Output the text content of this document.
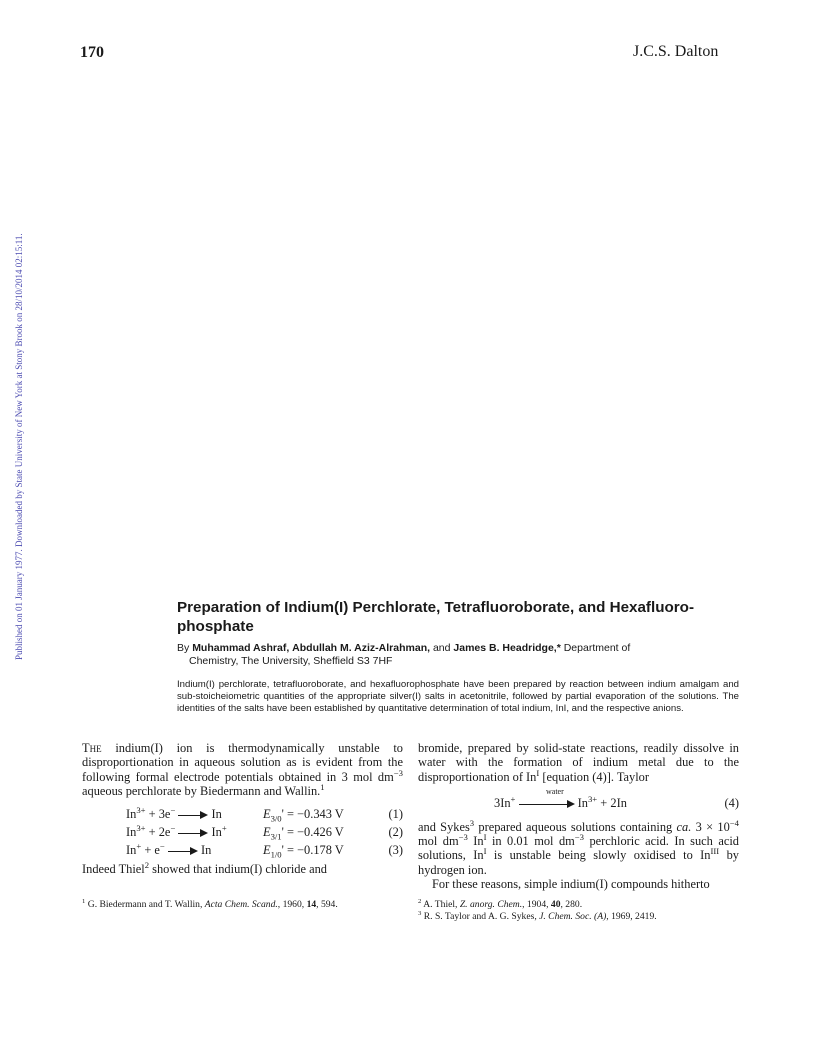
170	J.C.S. Dalton
Published on 01 January 1977. Downloaded by State University of New York at Stony Brook on 28/10/2014 02:15:11.	Preparation of Indium(I) Perchlorate, Tetrafluoroborate, and Hexafluoro-phosphate
By Muhammad Ashraf, Abdullah M. Aziz-Alrahman, and James B. Headridge,* Department of
Chemistry, The University, Sheffield S3 7HF
Indium(I) perchlorate, tetrafluoroborate, and hexafluorophosphate have been prepared by reaction between indium amalgam and sub-stoicheiometric quantities of the appropriate silver(I) salts in acetonitrile, followed by partial evaporation of the solutions. The identities of the salts have been established by quantitative determination of total indium, InI, and the respective anions.

The indium(I) ion is thermodynamically unstable to disproportionation in aqueous solution as is evident from the following formal electrode potentials obtained in 3 mol $dm^{-3}$ aqueous perchlorate by Biedermann and Wallin.$^1$

$In^{3+} + 3e^-$	In	$E_{3/0}' = -0.343$ V	(1)
$In^{3+} + 2e^-$	In+	$E_{3/1}' = -0.426$ V	(2)
In+ + e−	In	$E_{1/0}' = -0.178$ V	(3)

Indeed Thiel$^2$ showed that indium(I) chloride and

bromide, prepared by solid-state reactions, readily dissolve in water with the formation of indium metal due to the disproportionation of $In^I$ [equation (4)]. Taylor

3In+	$In^{3+} + 2In$
water
(4)

and Sykes$^3$ prepared aqueous solutions containing ca. $3 \times 10^{-4}$ mol $dm^{-3}$ $In^I$ in 0.01 mol $dm^{-3}$ perchloric acid. In such acid solutions, $In^I$ is unstable being slowly oxidised to $In^{III}$ by hydrogen ion.

For these reasons, simple indium(I) compounds hitherto

$^1$ G. Biedermann and T. Wallin, Acta Chem. Scand., 1960, 14, 594.	$^2$ A. Thiel, Z. anorg. Chem., 1904, 40, 280.
$^3$ R. S. Taylor and A. G. Sykes, J. Chem. Soc. (A), 1969, 2419.
